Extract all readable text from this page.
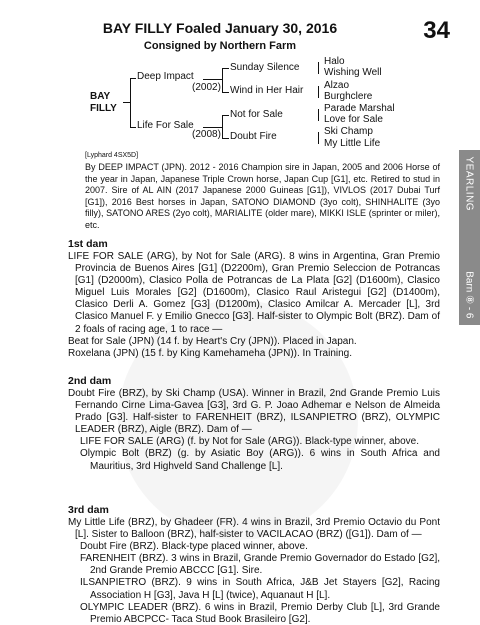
BAY FILLY Foaled January 30, 2016
Consigned by Northern Farm
34
BAY
FILLY
Deep Impact
(2002)
Life For Sale
(2008)
Sunday Silence
Wind in Her Hair
Not for Sale
Doubt Fire
Halo
Wishing Well
Alzao
Burghclere
Parade Marshal
Love for Sale
Ski Champ
My Little Life
[Lyphard 4SX5D]
By DEEP IMPACT (JPN). 2012 - 2016 Champion sire in Japan, 2005 and 2006 Horse of the year in Japan, Japanese Triple Crown horse, Japan Cup [G1], etc. Retired to stud in 2007. Sire of AL AIN (2017 Japanese 2000 Guineas [G1]), VIVLOS (2017 Dubai Turf [G1]), 2016 Best horses in Japan, SATONO DIAMOND (3yo colt), SHINHALITE (3yo filly), SATONO ARES (2yo colt), MARIALITE (older mare), MIKKI ISLE (sprinter or miler), etc.
1st dam

LIFE FOR SALE (ARG), by Not for Sale (ARG). 8 wins in Argentina, Gran Premio Provincia de Buenos Aires [G1] (D2200m), Gran Premio Seleccion de Potrancas [G1] (D2000m), Clasico Polla de Potrancas de La Plata [G2] (D1600m), Clasico Miguel Luis Morales [G2] (D1600m), Clasico Raul Aristegui [G2] (D1400m), Clasico Derli A. Gomez [G3] (D1200m), Clasico Amilcar A. Mercader [L], 3rd Clasico Manuel F. y Emilio Gnecco [G3]. Half-sister to Olympic Bolt (BRZ). Dam of 2 foals of racing age, 1 to race —

Beat for Sale (JPN) (14 f. by Heart's Cry (JPN)). Placed in Japan.

Roxelana (JPN) (15 f. by King Kamehameha (JPN)). In Training.

2nd dam

Doubt Fire (BRZ), by Ski Champ (USA). Winner in Brazil, 2nd Grande Premio Luis Fernando Cirne Lima-Gavea [G3], 3rd G. P. Joao Adhemar e Nelson de Almeida Prado [G3]. Half-sister to FARENHEIT (BRZ), ILSANPIETRO (BRZ), OLYMPIC LEADER (BRZ), Aigle (BRZ). Dam of —

LIFE FOR SALE (ARG) (f. by Not for Sale (ARG)). Black-type winner, above.

Olympic Bolt (BRZ) (g. by Asiatic Boy (ARG)). 6 wins in South Africa and Mauritius, 3rd Highveld Sand Challenge [L].

3rd dam

My Little Life (BRZ), by Ghadeer (FR). 4 wins in Brazil, 3rd Premio Octavio du Pont [L]. Sister to Balloon (BRZ), half-sister to VACILACAO (BRZ) ([G1]). Dam of —

Doubt Fire (BRZ). Black-type placed winner, above.

FARENHEIT (BRZ). 3 wins in Brazil, Grande Premio Governador do Estado [G2], 2nd Grande Premio ABCCC [G1]. Sire.

ILSANPIETRO (BRZ). 9 wins in South Africa, J&B Jet Stayers [G2], Racing Association H [G3], Java H [L] (twice), Aquanaut H [L].

OLYMPIC LEADER (BRZ). 6 wins in Brazil, Premio Derby Club [L], 3rd Grande Premio ABCPCC- Taca Stud Book Brasileiro [G2].

YEARLING
Barn ⑧ - 6
